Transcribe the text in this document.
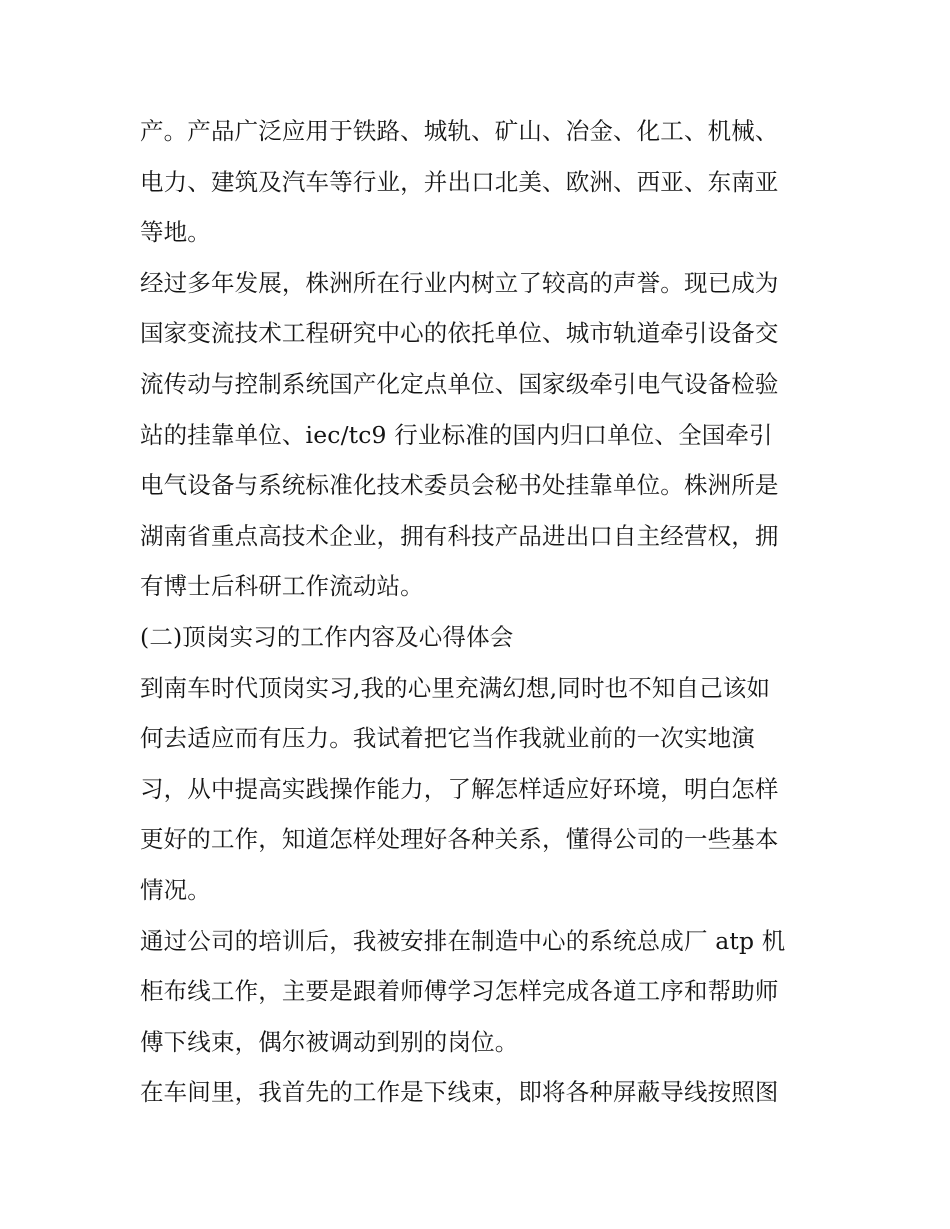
产。产品广泛应用于铁路、城轨、矿山、冶金、化工、机械、
电力、建筑及汽车等行业，并出口北美、欧洲、西亚、东南亚
等地。
经过多年发展，株洲所在行业内树立了较高的声誉。现已成为
国家变流技术工程研究中心的依托单位、城市轨道牵引设备交
流传动与控制系统国产化定点单位、国家级牵引电气设备检验
站的挂靠单位、iec/tc9 行业标准的国内归口单位、全国牵引
电气设备与系统标准化技术委员会秘书处挂靠单位。株洲所是
湖南省重点高技术企业，拥有科技产品进出口自主经营权，拥
有博士后科研工作流动站。
(二)顶岗实习的工作内容及心得体会
到南车时代顶岗实习,我的心里充满幻想,同时也不知自己该如
何去适应而有压力。我试着把它当作我就业前的一次实地演
习，从中提高实践操作能力，了解怎样适应好环境，明白怎样
更好的工作，知道怎样处理好各种关系，懂得公司的一些基本
情况。
通过公司的培训后，我被安排在制造中心的系统总成厂 atp 机
柜布线工作，主要是跟着师傅学习怎样完成各道工序和帮助师
傅下线束，偶尔被调动到别的岗位。
在车间里，我首先的工作是下线束，即将各种屏蔽导线按照图
